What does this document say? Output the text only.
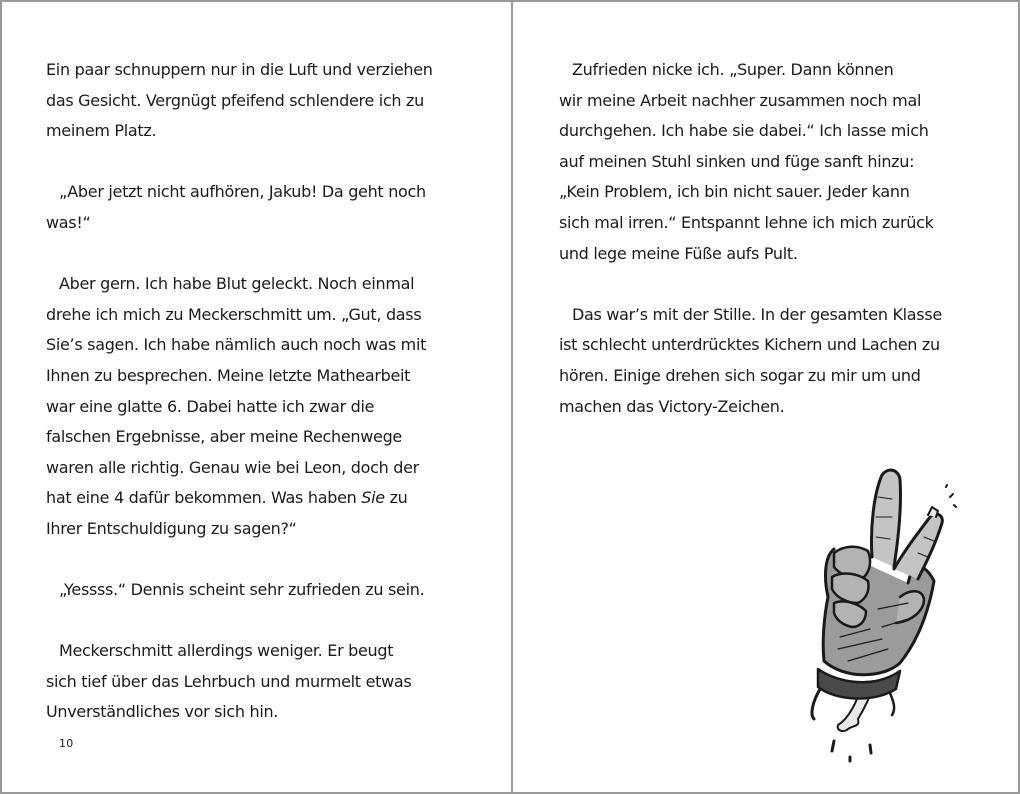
Ein paar schnuppern nur in die Luft und verziehen
das Gesicht. Vergnügt pfeifend schlendere ich zu
meinem Platz.
„Aber jetzt nicht aufhören, Jakub! Da geht noch
was!“
Aber gern. Ich habe Blut geleckt. Noch einmal
drehe ich mich zu Meckerschmitt um. „Gut, dass
Sie’s sagen. Ich habe nämlich auch noch was mit
Ihnen zu besprechen. Meine letzte Mathearbeit
war eine glatte 6. Dabei hatte ich zwar die
falschen Ergebnisse, aber meine Rechenwege
waren alle richtig. Genau wie bei Leon, doch der
hat eine 4 dafür bekommen. Was haben Sie zu
Ihrer Entschuldigung zu sagen?“
„Yessss.“ Dennis scheint sehr zufrieden zu sein.
Meckerschmitt allerdings weniger. Er beugt
sich tief über das Lehrbuch und murmelt etwas
Unverständliches vor sich hin.
10
Zufrieden nicke ich. „Super. Dann können
wir meine Arbeit nachher zusammen noch mal
durchgehen. Ich habe sie dabei.“ Ich lasse mich
auf meinen Stuhl sinken und füge sanft hinzu:
„Kein Problem, ich bin nicht sauer. Jeder kann
sich mal irren.“ Entspannt lehne ich mich zurück
und lege meine Füße aufs Pult.
Das war’s mit der Stille. In der gesamten Klasse
ist schlecht unterdrücktes Kichern und Lachen zu
hören. Einige drehen sich sogar zu mir um und
machen das Victory-Zeichen.
